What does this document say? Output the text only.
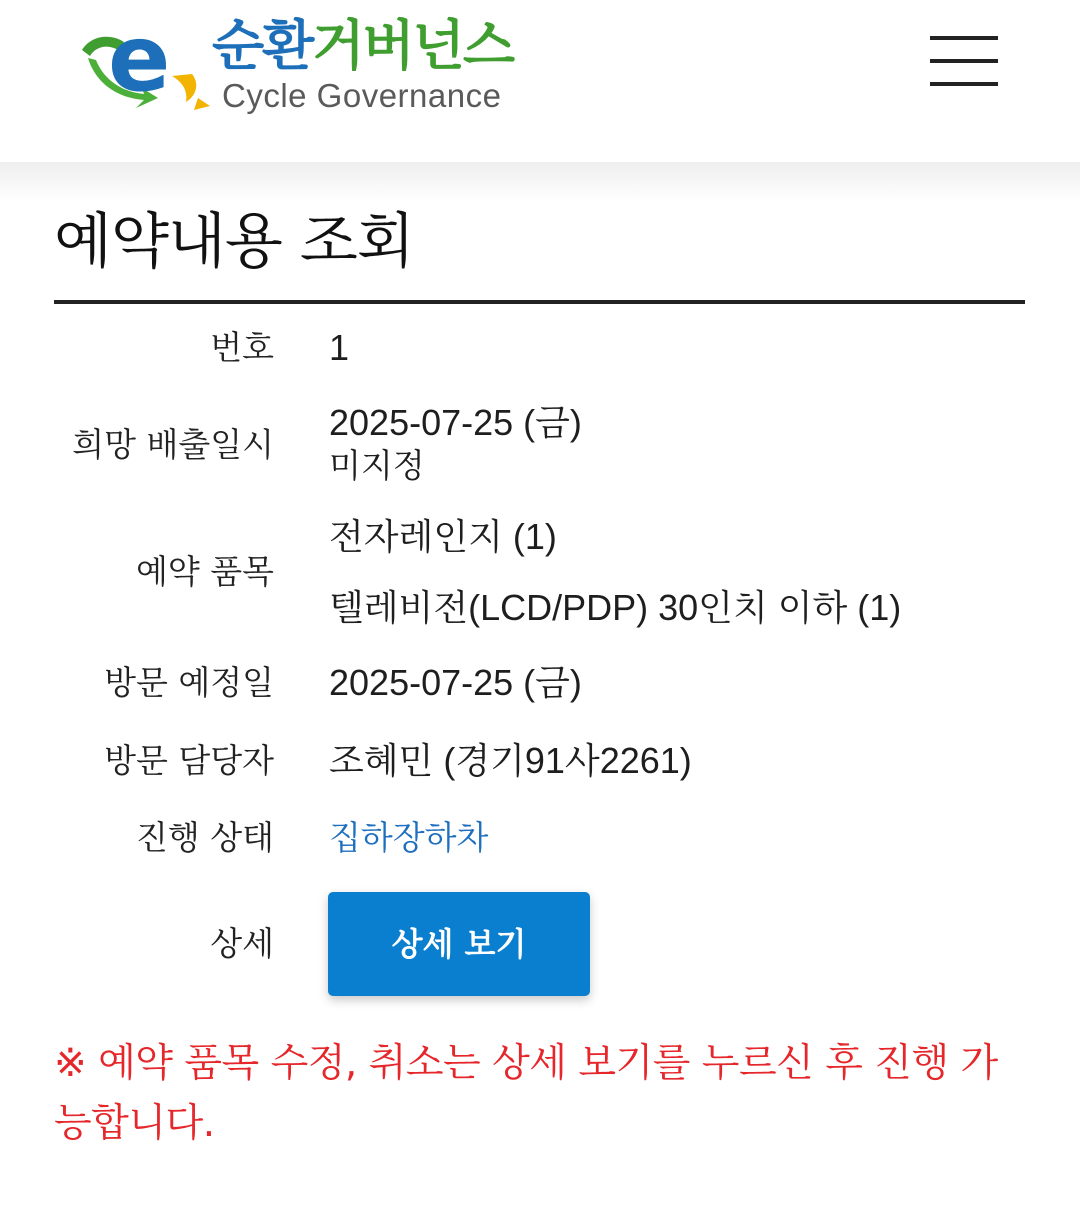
e 순환거버넌스
Cycle Governance
예약내용 조회
번호 1
희망 배출일시
2025-07-25 (금)
미지정
예약 품목
전자레인지 (1)
텔레비전(LCD/PDP) 30인치 이하 (1)
방문 예정일 2025-07-25 (금)
방문 담당자 조혜민 (경기91사2261)
진행 상태 집하장하차
상세	상세 보기

※ 예약 품목 수정, 취소는 상세 보기를 누르신 후 진행 가능합니다.
